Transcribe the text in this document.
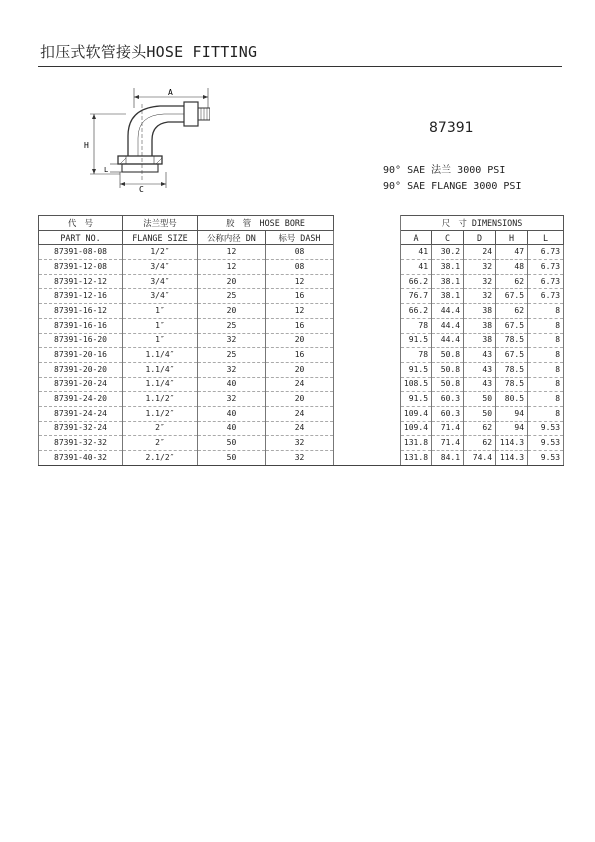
扣压式软管接头HOSE FITTING
A
H
C
L
87391
90° SAE 法兰 3000 PSI
90° SAE FLANGE 3000 PSI
代　号	法兰型号	胶　管　HOSE BORE			尺　寸 DIMENSIONS				
PART NO.	FLANGE SIZE	公称内径 DN	标号 DASH		A	C	D	H	L
87391-08-08	1/2″	12	08		41	30.2	24	47	6.73
87391-12-08	3/4″	12	08		41	38.1	32	48	6.73
87391-12-12	3/4″	20	12		66.2	38.1	32	62	6.73
87391-12-16	3/4″	25	16		76.7	38.1	32	67.5	6.73
87391-16-12	1″	20	12		66.2	44.4	38	62	8
87391-16-16	1″	25	16		78	44.4	38	67.5	8
87391-16-20	1″	32	20		91.5	44.4	38	78.5	8
87391-20-16	1.1/4″	25	16		78	50.8	43	67.5	8
87391-20-20	1.1/4″	32	20		91.5	50.8	43	78.5	8
87391-20-24	1.1/4″	40	24		108.5	50.8	43	78.5	8
87391-24-20	1.1/2″	32	20		91.5	60.3	50	80.5	8
87391-24-24	1.1/2″	40	24		109.4	60.3	50	94	8
87391-32-24	2″	40	24		109.4	71.4	62	94	9.53
87391-32-32	2″	50	32		131.8	71.4	62	114.3	9.53
87391-40-32	2.1/2″	50	32		131.8	84.1	74.4	114.3	9.53
